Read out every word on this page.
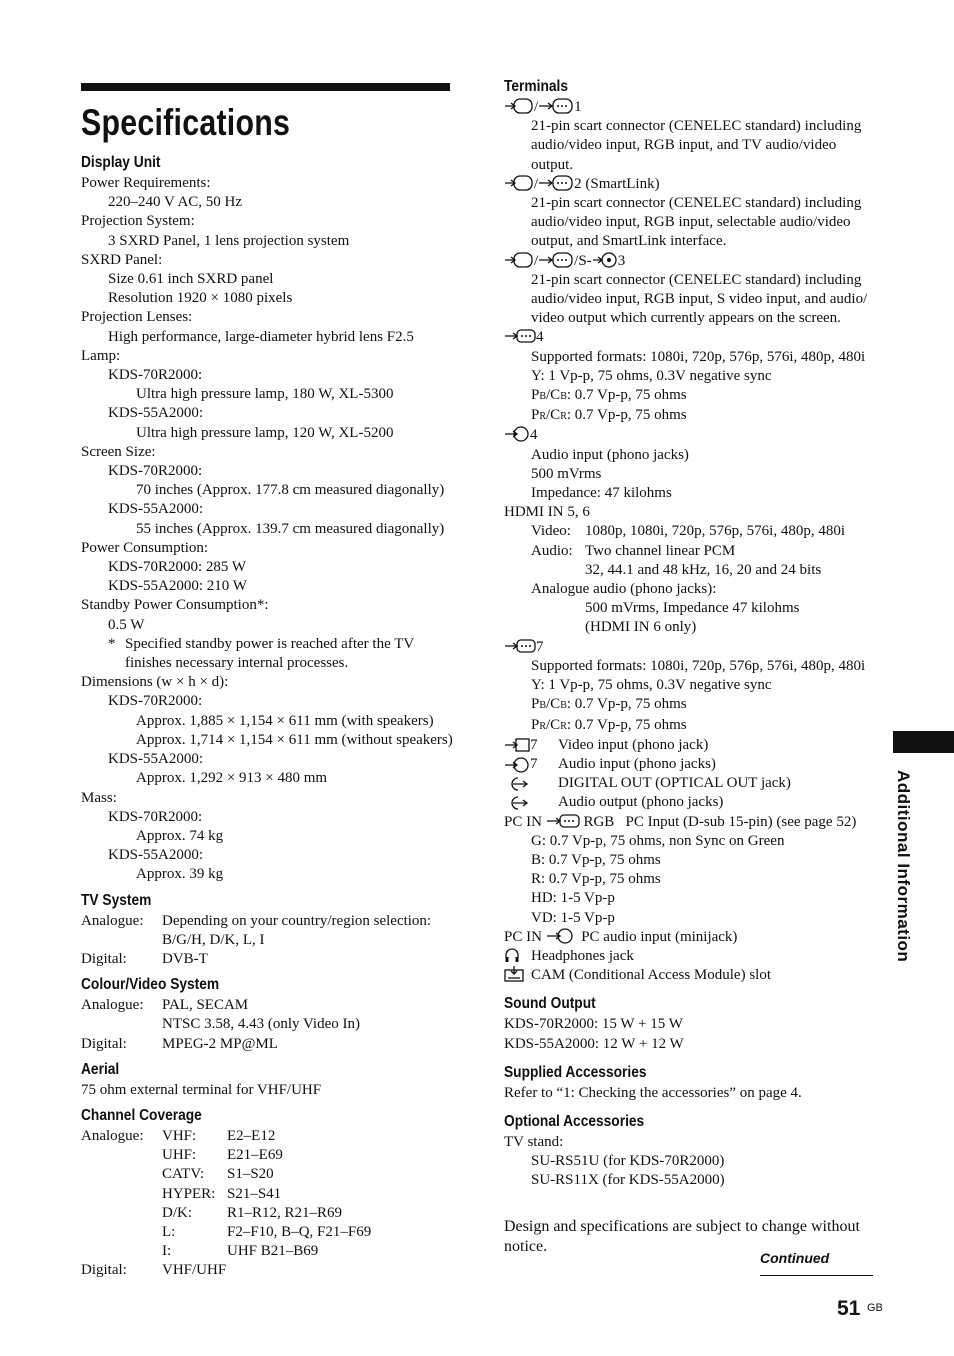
Specifications
Display Unit
Power Requirements:
220–240 V AC, 50 Hz
Projection System:
3 SXRD Panel, 1 lens projection system
SXRD Panel:
Size 0.61 inch SXRD panel
Resolution 1920 × 1080 pixels
Projection Lenses:
High performance, large-diameter hybrid lens F2.5
Lamp:
KDS-70R2000:
Ultra high pressure lamp, 180 W, XL-5300
KDS-55A2000:
Ultra high pressure lamp, 120 W, XL-5200
Screen Size:
KDS-70R2000:
70 inches (Approx. 177.8 cm measured diagonally)
KDS-55A2000:
55 inches (Approx. 139.7 cm measured diagonally)
Power Consumption:
KDS-70R2000: 285 W
KDS-55A2000: 210 W
Standby Power Consumption*:
0.5 W
* Specified standby power is reached after the TV finishes necessary internal processes.
Dimensions (w × h × d):
KDS-70R2000:
Approx. 1,885 × 1,154 × 611 mm (with speakers)
Approx. 1,714 × 1,154 × 611 mm (without speakers)
KDS-55A2000:
Approx. 1,292 × 913 × 480 mm
Mass:
KDS-70R2000:
Approx. 74 kg
KDS-55A2000:
Approx. 39 kg
TV System
Analogue:	Depending on your country/region selection:
B/G/H, D/K, L, I
Digital:	DVB-T
Colour/Video System
Analogue:	PAL, SECAM
NTSC 3.58, 4.43 (only Video In)
Digital:	MPEG-2 MP@ML
Aerial
75 ohm external terminal for VHF/UHF
Channel Coverage
Analogue:	VHF:	E2–E12
UHF:	E21–E69
CATV:	S1–S20
HYPER: S21–S41
D/K:	R1–R12, R21–R69
L:	F2–F10, B–Q, F21–F69
I:	UHF B21–B69
Digital:	VHF/UHF
Terminals
/ 1
21-pin scart connector (CENELEC standard) including audio/video input, RGB input, and TV audio/video output.
/ 2 (SmartLink)
21-pin scart connector (CENELEC standard) including audio/video input, RGB input, selectable audio/video output, and SmartLink interface.
/ /S- 3
21-pin scart connector (CENELEC standard) including audio/video input, RGB input, S video input, and audio/ video output which currently appears on the screen.
4
Supported formats: 1080i, 720p, 576p, 576i, 480p, 480i
Y: 1 Vp-p, 75 ohms, 0.3V negative sync
PB/CB: 0.7 Vp-p, 75 ohms
PR/CR: 0.7 Vp-p, 75 ohms
4
Audio input (phono jacks)
500 mVrms
Impedance: 47 kilohms
HDMI IN 5, 6
Video: 1080p, 1080i, 720p, 576p, 576i, 480p, 480i
Audio: Two channel linear PCM
32, 44.1 and 48 kHz, 16, 20 and 24 bits
Analogue audio (phono jacks):
500 mVrms, Impedance 47 kilohms
(HDMI IN 6 only)
7
Supported formats: 1080i, 720p, 576p, 576i, 480p, 480i
Y: 1 Vp-p, 75 ohms, 0.3V negative sync
PB/CB: 0.7 Vp-p, 75 ohms
PR/CR: 0.7 Vp-p, 75 ohms
7 Video input (phono jack)
7 Audio input (phono jacks)
DIGITAL OUT (OPTICAL OUT jack)
Audio output (phono jacks)
PC IN	RGB PC Input (D-sub 15-pin) (see page 52)
G: 0.7 Vp-p, 75 ohms, non Sync on Green
B: 0.7 Vp-p, 75 ohms
R: 0.7 Vp-p, 75 ohms
HD: 1-5 Vp-p
VD: 1-5 Vp-p
PC IN	PC audio input (minijack)
Headphones jack
CAM (Conditional Access Module) slot
Sound Output
KDS-70R2000: 15 W + 15 W
KDS-55A2000: 12 W + 12 W
Supplied Accessories
Refer to “1: Checking the accessories” on page 4.
Optional Accessories
TV stand:
SU-RS51U (for KDS-70R2000)
SU-RS11X (for KDS-55A2000)
Design and specifications are subject to change without notice.
Additional Information
Continued
51 GB
